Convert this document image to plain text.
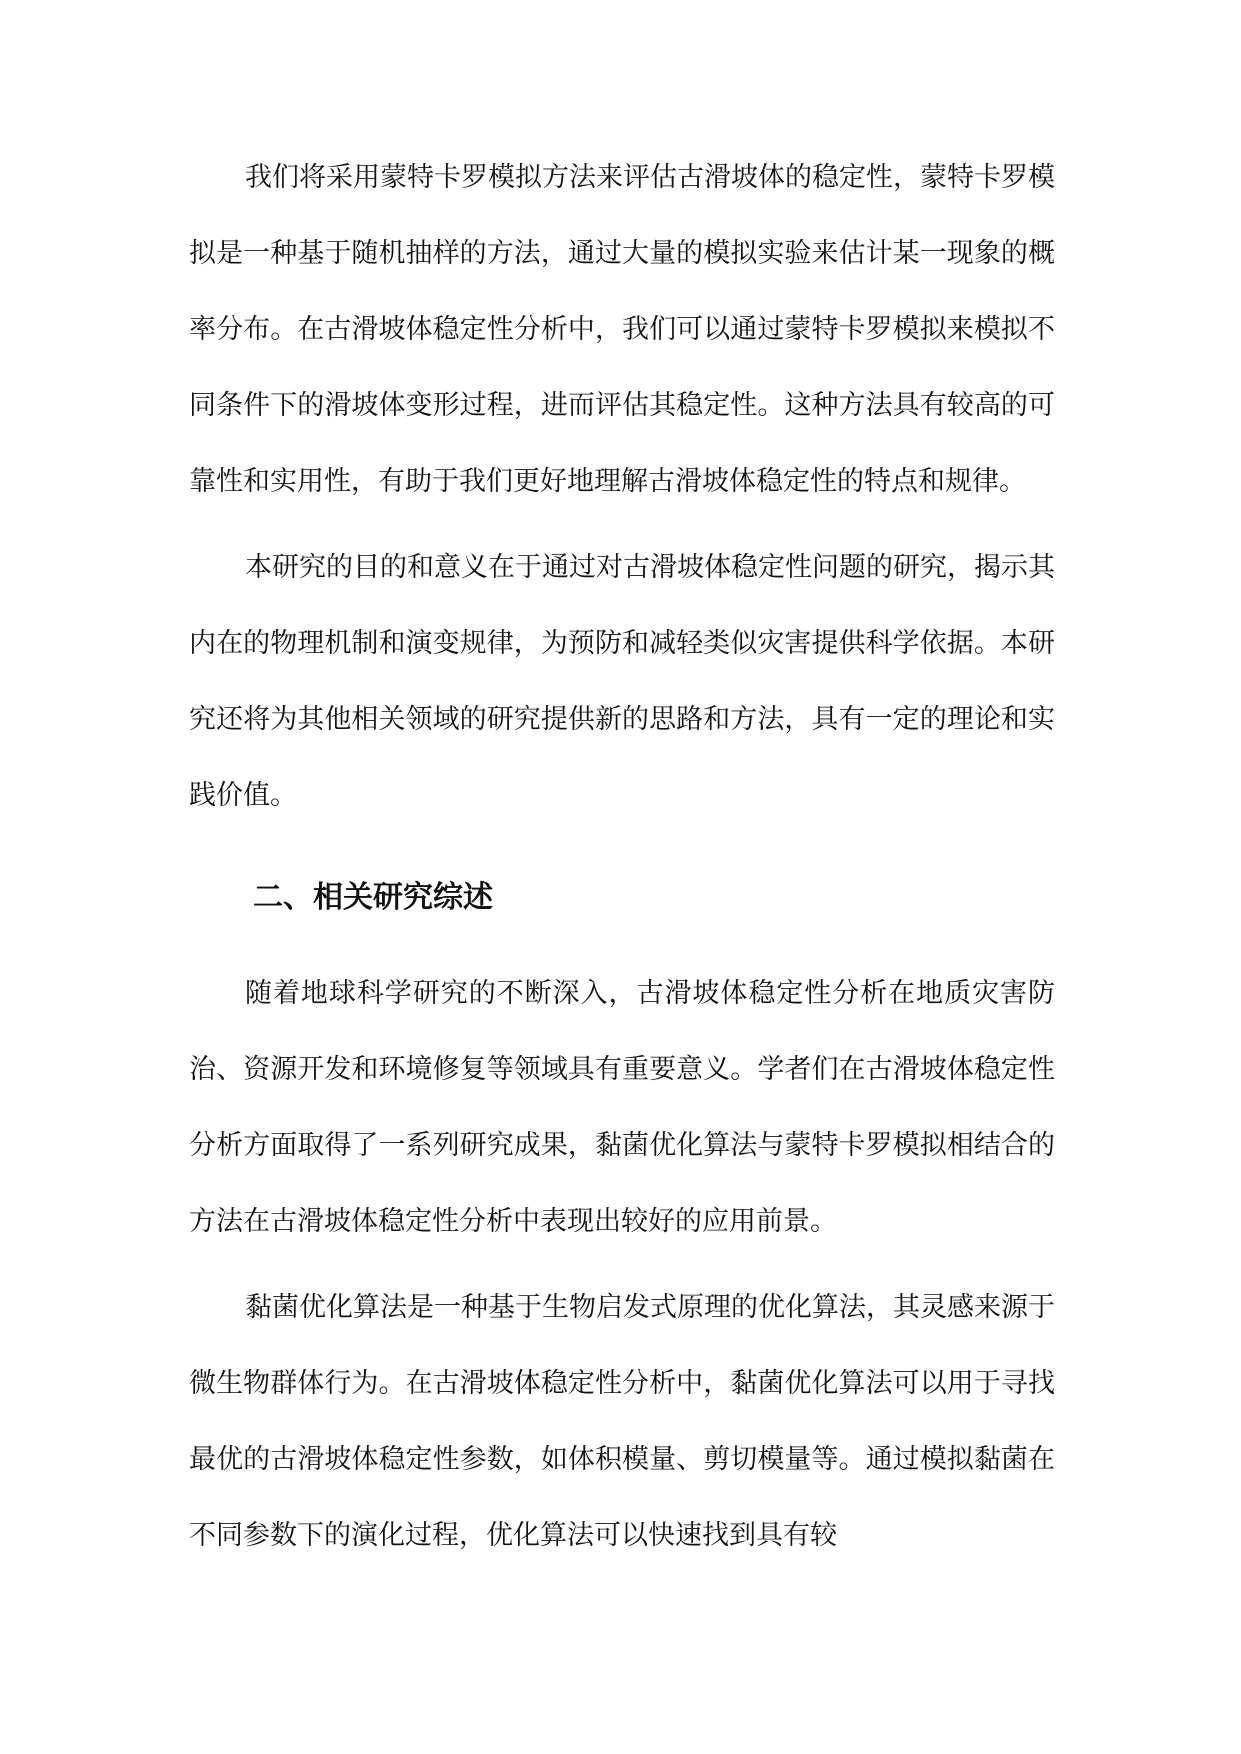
我们将采用蒙特卡罗模拟方法来评估古滑坡体的稳定性，蒙特卡罗模拟是一种基于随机抽样的方法，通过大量的模拟实验来估计某一现象的概率分布。在古滑坡体稳定性分析中，我们可以通过蒙特卡罗模拟来模拟不同条件下的滑坡体变形过程，进而评估其稳定性。这种方法具有较高的可靠性和实用性，有助于我们更好地理解古滑坡体稳定性的特点和规律。

本研究的目的和意义在于通过对古滑坡体稳定性问题的研究，揭示其内在的物理机制和演变规律，为预防和减轻类似灾害提供科学依据。本研究还将为其他相关领域的研究提供新的思路和方法，具有一定的理论和实践价值。

二、相关研究综述

随着地球科学研究的不断深入，古滑坡体稳定性分析在地质灾害防治、资源开发和环境修复等领域具有重要意义。学者们在古滑坡体稳定性分析方面取得了一系列研究成果，黏菌优化算法与蒙特卡罗模拟相结合的方法在古滑坡体稳定性分析中表现出较好的应用前景。

黏菌优化算法是一种基于生物启发式原理的优化算法，其灵感来源于微生物群体行为。在古滑坡体稳定性分析中，黏菌优化算法可以用于寻找最优的古滑坡体稳定性参数，如体积模量、剪切模量等。通过模拟黏菌在不同参数下的演化过程，优化算法可以快速找到具有较
